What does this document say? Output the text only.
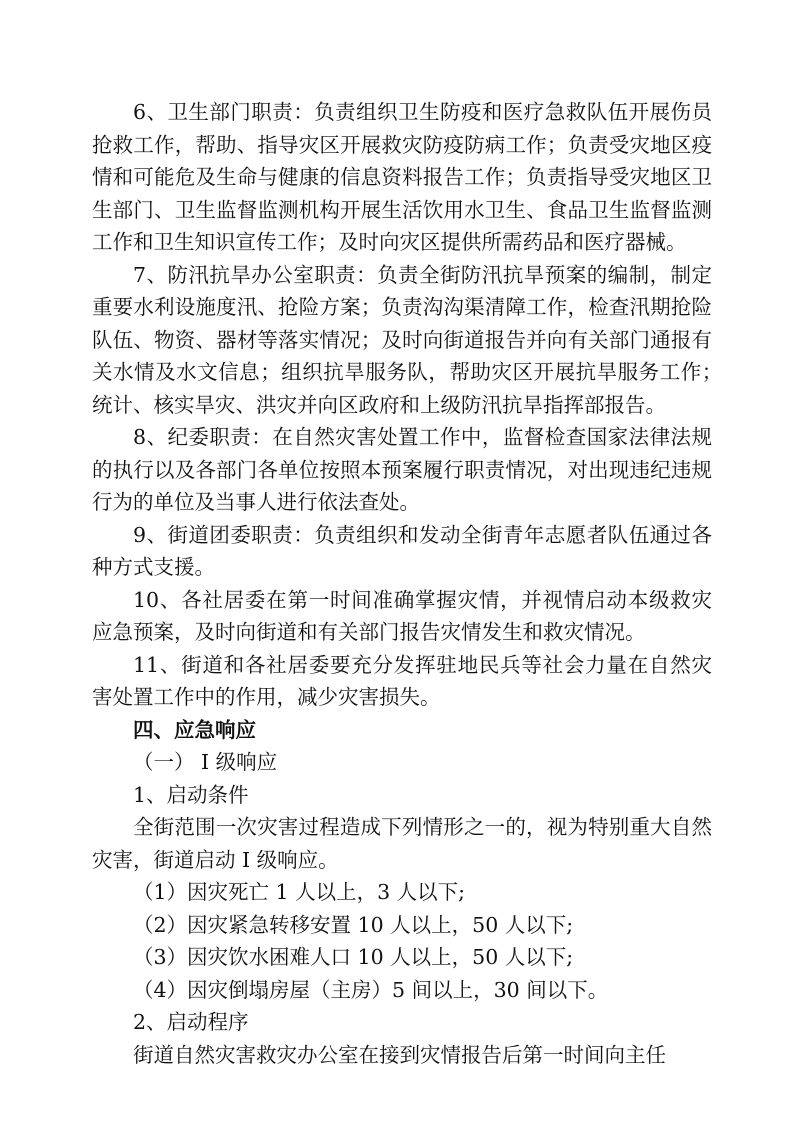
6、卫生部门职责：负责组织卫生防疫和医疗急救队伍开展伤员抢救工作，帮助、指导灾区开展救灾防疫防病工作；负责受灾地区疫情和可能危及生命与健康的信息资料报告工作；负责指导受灾地区卫生部门、卫生监督监测机构开展生活饮用水卫生、食品卫生监督监测工作和卫生知识宣传工作；及时向灾区提供所需药品和医疗器械。

7、防汛抗旱办公室职责：负责全街防汛抗旱预案的编制，制定重要水利设施度汛、抢险方案；负责沟沟渠清障工作，检查汛期抢险队伍、物资、器材等落实情况；及时向街道报告并向有关部门通报有关水情及水文信息；组织抗旱服务队，帮助灾区开展抗旱服务工作；　统计、核实旱灾、洪灾并向区政府和上级防汛抗旱指挥部报告。

8、纪委职责：在自然灾害处置工作中，监督检查国家法律法规的执行以及各部门各单位按照本预案履行职责情况，对出现违纪违规行为的单位及当事人进行依法查处。

9、街道团委职责：负责组织和发动全街青年志愿者队伍通过各种方式支援。

10、各社居委在第一时间准确掌握灾情，并视情启动本级救灾应急预案，及时向街道和有关部门报告灾情发生和救灾情况。

11、街道和各社居委要充分发挥驻地民兵等社会力量在自然灾害处置工作中的作用，减少灾害损失。

四、应急响应

（一） I 级响应

1、启动条件

全街范围一次灾害过程造成下列情形之一的，视为特别重大自然灾害，街道启动 I 级响应。

（1）因灾死亡 1 人以上，3 人以下;

（2）因灾紧急转移安置 10 人以上，50 人以下;

（3）因灾饮水困难人口 10 人以上，50 人以下;

（4）因灾倒塌房屋（主房）5 间以上，30 间以下。

2、启动程序

街道自然灾害救灾办公室在接到灾情报告后第一时间向主任
